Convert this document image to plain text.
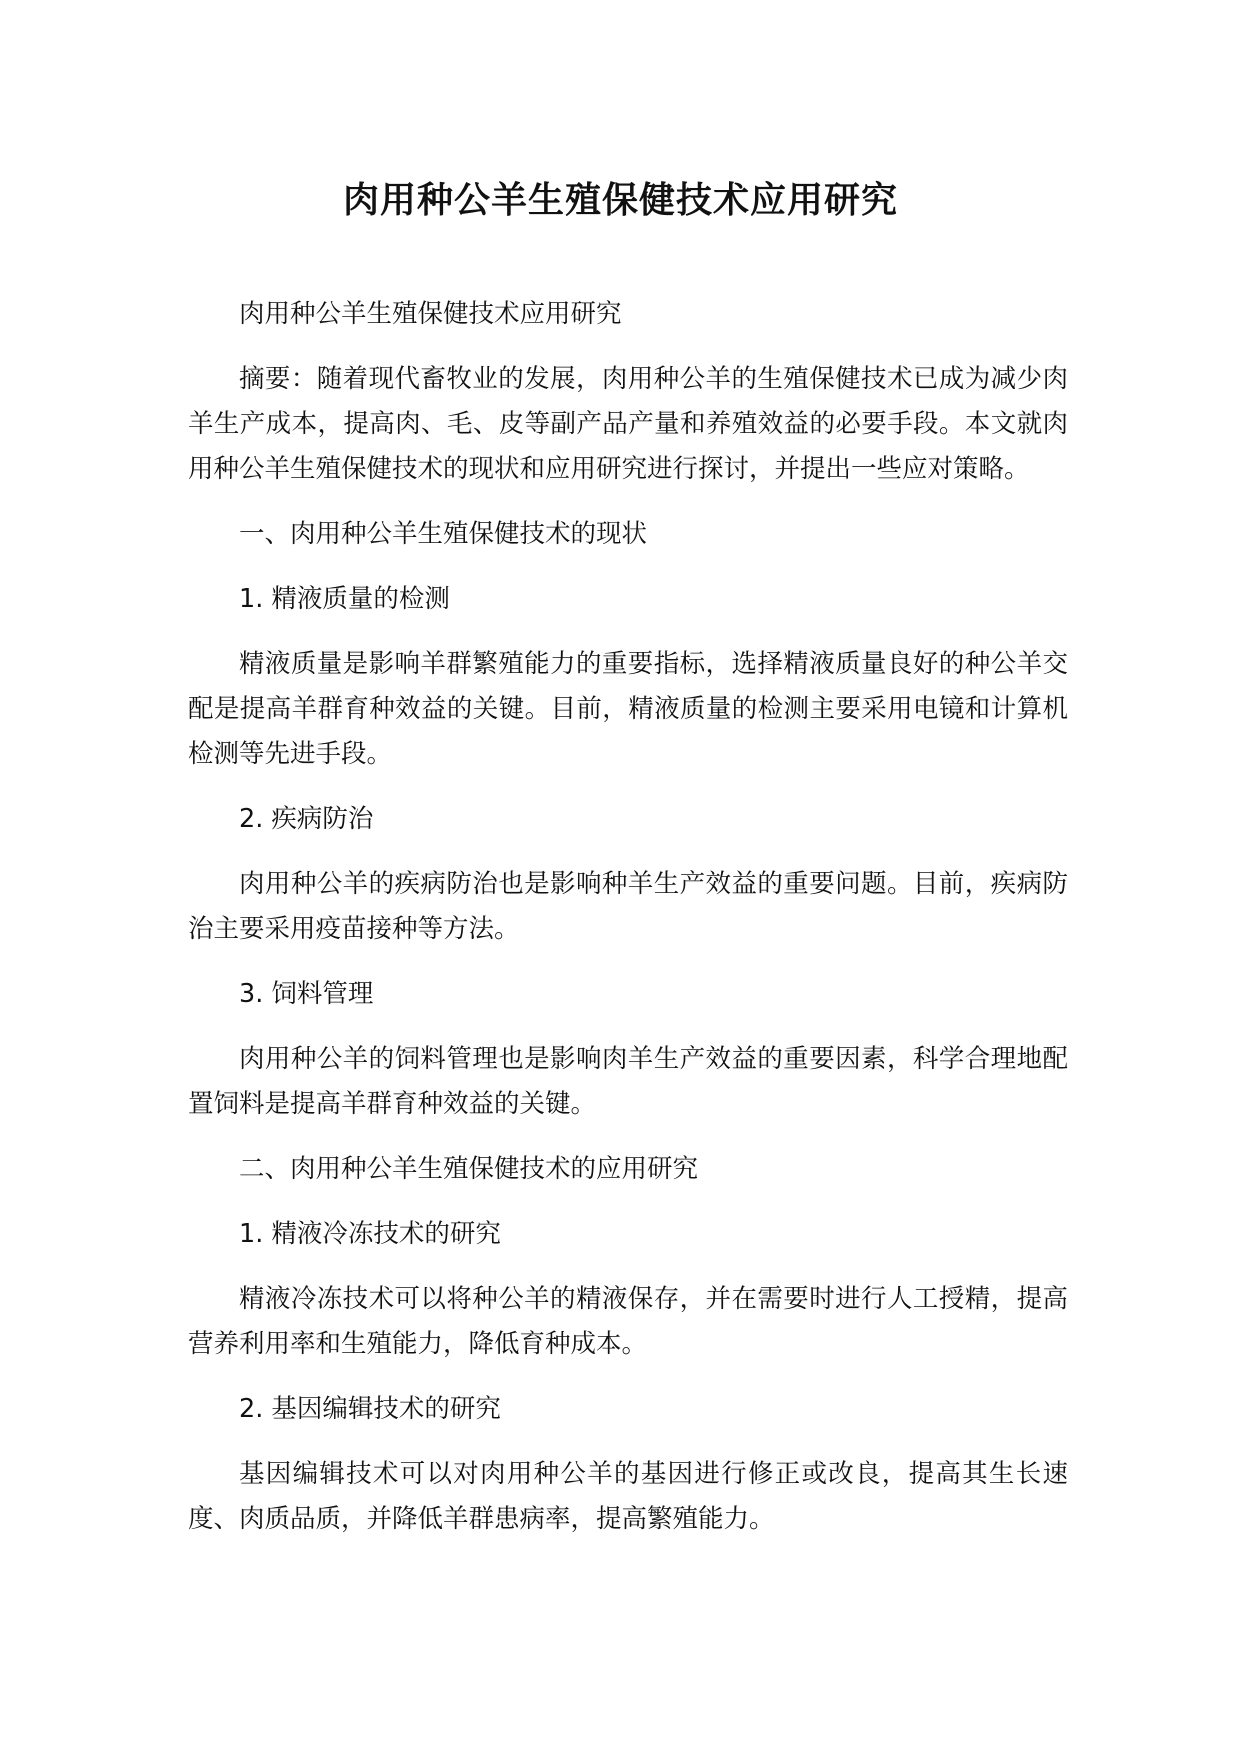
肉用种公羊生殖保健技术应用研究

肉用种公羊生殖保健技术应用研究

摘要：随着现代畜牧业的发展，肉用种公羊的生殖保健技术已成为减少肉羊生产成本，提高肉、毛、皮等副产品产量和养殖效益的必要手段。本文就肉用种公羊生殖保健技术的现状和应用研究进行探讨，并提出一些应对策略。

一、肉用种公羊生殖保健技术的现状

1. 精液质量的检测

精液质量是影响羊群繁殖能力的重要指标，选择精液质量良好的种公羊交配是提高羊群育种效益的关键。目前，精液质量的检测主要采用电镜和计算机检测等先进手段。

2. 疾病防治

肉用种公羊的疾病防治也是影响种羊生产效益的重要问题。目前，疾病防治主要采用疫苗接种等方法。

3. 饲料管理

肉用种公羊的饲料管理也是影响肉羊生产效益的重要因素，科学合理地配置饲料是提高羊群育种效益的关键。

二、肉用种公羊生殖保健技术的应用研究

1. 精液冷冻技术的研究

精液冷冻技术可以将种公羊的精液保存，并在需要时进行人工授精，提高营养利用率和生殖能力，降低育种成本。

2. 基因编辑技术的研究

基因编辑技术可以对肉用种公羊的基因进行修正或改良，提高其生长速度、肉质品质，并降低羊群患病率，提高繁殖能力。
